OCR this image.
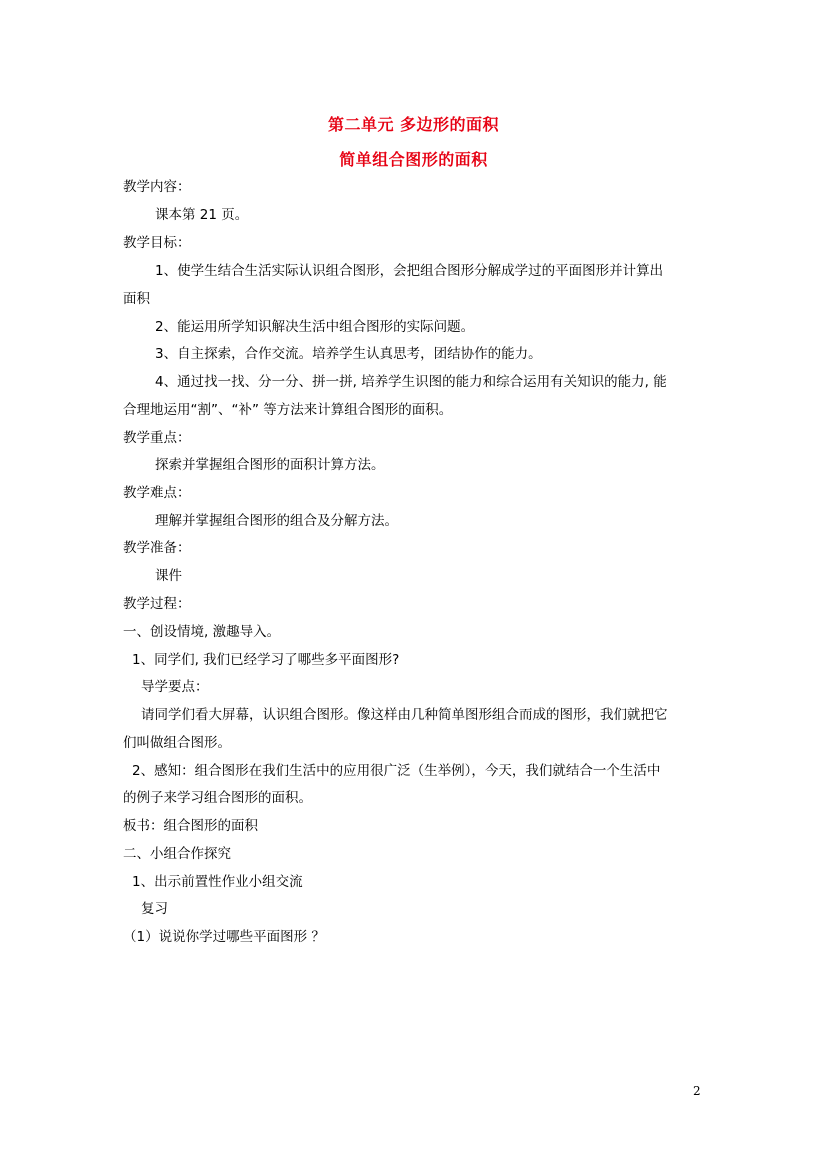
第二单元 多边形的面积
简单组合图形的面积
教学内容：
课本第 21 页。
教学目标：
1、使学生结合生活实际认识组合图形，会把组合图形分解成学过的平面图形并计算出
面积
2、能运用所学知识解决生活中组合图形的实际问题。
3、自主探索，合作交流。培养学生认真思考，团结协作的能力。
4、通过找一找、分一分、拼一拼, 培养学生识图的能力和综合运用有关知识的能力, 能
合理地运用“割”、“补” 等方法来计算组合图形的面积。
教学重点：
探索并掌握组合图形的面积计算方法。
教学难点：
理解并掌握组合图形的组合及分解方法。
教学准备：
课件
教学过程：
一、创设情境, 激趣导入。
1、同学们, 我们已经学习了哪些多平面图形?
导学要点：
请同学们看大屏幕，认识组合图形。像这样由几种简单图形组合而成的图形，我们就把它
们叫做组合图形。
2、感知：组合图形在我们生活中的应用很广泛（生举例），今天，我们就结合一个生活中
的例子来学习组合图形的面积。
板书：组合图形的面积
二、小组合作探究
1、出示前置性作业小组交流
复习
（1）说说你学过哪些平面图形 ？
2
